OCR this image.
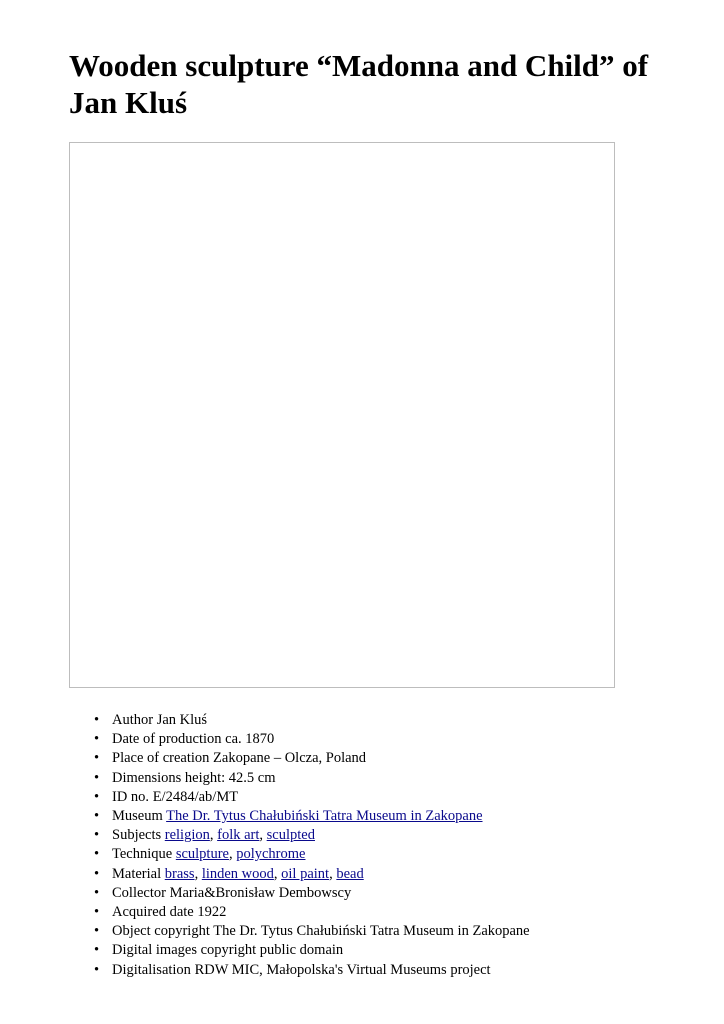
Wooden sculpture “Madonna and Child” of Jan Kluś
• Author Jan Kluś
• Date of production ca. 1870
• Place of creation Zakopane – Olcza, Poland
• Dimensions height: 42.5 cm
• ID no. E/2484/ab/MT
• Museum The Dr. Tytus Chałubiński Tatra Museum in Zakopane
• Subjects religion, folk art, sculpted
• Technique sculpture, polychrome
• Material brass, linden wood, oil paint, bead
• Collector Maria&Bronisław Dembowscy
• Acquired date 1922
• Object copyright The Dr. Tytus Chałubiński Tatra Museum in Zakopane
• Digital images copyright public domain
• Digitalisation RDW MIC, Małopolska's Virtual Museums project
